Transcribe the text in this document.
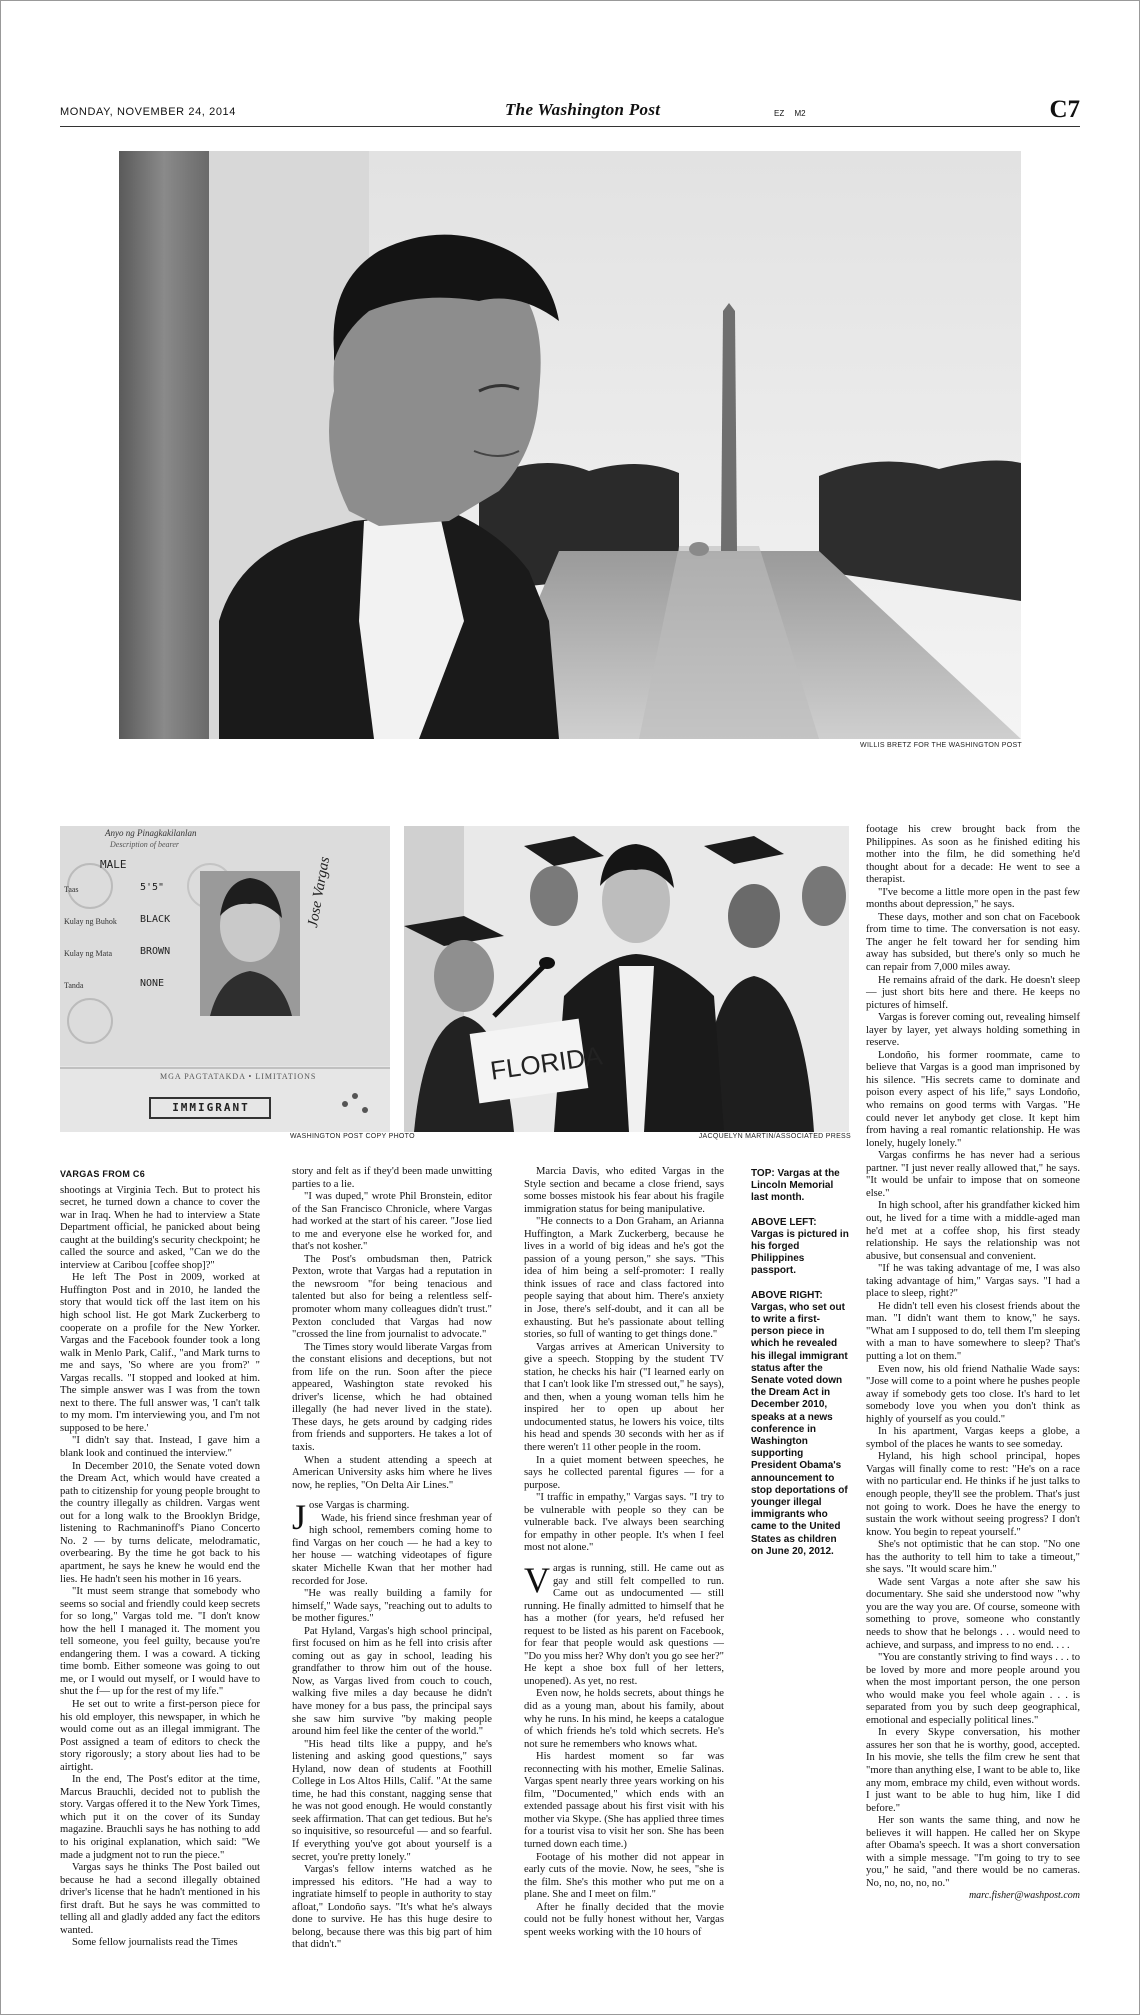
MONDAY, NOVEMBER 24, 2014	The Washington Post	EZ M2	C7
WILLIS BRETZ FOR THE WASHINGTON POST
Anyo ng Pinagkakilanlan
Description of bearer
MALE
Taas
Kulay ng Buhok
Kulay ng Mata
Tanda
5'5"
BLACK
BROWN
NONE
Jose Vargas
MGA PAGTATAKDA • LIMITATIONS
IMMIGRANT
WASHINGTON POST COPY PHOTO
FLORIDA
JACQUELYN MARTIN/ASSOCIATED PRESS
VARGAS FROM C6

shootings at Virginia Tech. But to protect his secret, he turned down a chance to cover the war in Iraq. When he had to interview a State Department official, he panicked about being caught at the building's security checkpoint; he called the source and asked, "Can we do the interview at Caribou [coffee shop]?"

He left The Post in 2009, worked at Huffington Post and in 2010, he landed the story that would tick off the last item on his high school list. He got Mark Zuckerberg to cooperate on a profile for the New Yorker. Vargas and the Facebook founder took a long walk in Menlo Park, Calif., "and Mark turns to me and says, 'So where are you from?' " Vargas recalls. "I stopped and looked at him. The simple answer was I was from the town next to there. The full answer was, 'I can't talk to my mom. I'm interviewing you, and I'm not supposed to be here.'

"I didn't say that. Instead, I gave him a blank look and continued the interview."

In December 2010, the Senate voted down the Dream Act, which would have created a path to citizenship for young people brought to the country illegally as children. Vargas went out for a long walk to the Brooklyn Bridge, listening to Rachmaninoff's Piano Concerto No. 2 — by turns delicate, melodramatic, overbearing. By the time he got back to his apartment, he says he knew he would end the lies. He hadn't seen his mother in 16 years.

"It must seem strange that somebody who seems so social and friendly could keep secrets for so long," Vargas told me. "I don't know how the hell I managed it. The moment you tell someone, you feel guilty, because you're endangering them. I was a coward. A ticking time bomb. Either someone was going to out me, or I would out myself, or I would have to shut the f— up for the rest of my life."

He set out to write a first-person piece for his old employer, this newspaper, in which he would come out as an illegal immigrant. The Post assigned a team of editors to check the story rigorously; a story about lies had to be airtight.

In the end, The Post's editor at the time, Marcus Brauchli, decided not to publish the story. Vargas offered it to the New York Times, which put it on the cover of its Sunday magazine. Brauchli says he has nothing to add to his original explanation, which said: "We made a judgment not to run the piece."

Vargas says he thinks The Post bailed out because he had a second illegally obtained driver's license that he hadn't mentioned in his first draft. But he says he was committed to telling all and gladly added any fact the editors wanted.

Some fellow journalists read the Times

story and felt as if they'd been made unwitting parties to a lie.

"I was duped," wrote Phil Bronstein, editor of the San Francisco Chronicle, where Vargas had worked at the start of his career. "Jose lied to me and everyone else he worked for, and that's not kosher."

The Post's ombudsman then, Patrick Pexton, wrote that Vargas had a reputation in the newsroom "for being tenacious and talented but also for being a relentless self-promoter whom many colleagues didn't trust." Pexton concluded that Vargas had now "crossed the line from journalist to advocate."

The Times story would liberate Vargas from the constant elisions and deceptions, but not from life on the run. Soon after the piece appeared, Washington state revoked his driver's license, which he had obtained illegally (he had never lived in the state). These days, he gets around by cadging rides from friends and supporters. He takes a lot of taxis.

When a student attending a speech at American University asks him where he lives now, he replies, "On Delta Air Lines."

Jose Vargas is charming.

Wade, his friend since freshman year of high school, remembers coming home to find Vargas on her couch — he had a key to her house — watching videotapes of figure skater Michelle Kwan that her mother had recorded for Jose.

"He was really building a family for himself," Wade says, "reaching out to adults to be mother figures."

Pat Hyland, Vargas's high school principal, first focused on him as he fell into crisis after coming out as gay in school, leading his grandfather to throw him out of the house. Now, as Vargas lived from couch to couch, walking five miles a day because he didn't have money for a bus pass, the principal says she saw him survive "by making people around him feel like the center of the world."

"His head tilts like a puppy, and he's listening and asking good questions," says Hyland, now dean of students at Foothill College in Los Altos Hills, Calif. "At the same time, he had this constant, nagging sense that he was not good enough. He would constantly seek affirmation. That can get tedious. But he's so inquisitive, so resourceful — and so fearful. If everything you've got about yourself is a secret, you're pretty lonely."

Vargas's fellow interns watched as he impressed his editors. "He had a way to ingratiate himself to people in authority to stay afloat," Londoño says. "It's what he's always done to survive. He has this huge desire to belong, because there was this big part of him that didn't."

Marcia Davis, who edited Vargas in the Style section and became a close friend, says some bosses mistook his fear about his fragile immigration status for being manipulative.

"He connects to a Don Graham, an Arianna Huffington, a Mark Zuckerberg, because he lives in a world of big ideas and he's got the passion of a young person," she says. "This idea of him being a self-promoter: I really think issues of race and class factored into people saying that about him. There's anxiety in Jose, there's self-doubt, and it can all be exhausting. But he's passionate about telling stories, so full of wanting to get things done."

Vargas arrives at American University to give a speech. Stopping by the student TV station, he checks his hair ("I learned early on that I can't look like I'm stressed out," he says), and then, when a young woman tells him he inspired her to open up about her undocumented status, he lowers his voice, tilts his head and spends 30 seconds with her as if there weren't 11 other people in the room.

In a quiet moment between speeches, he says he collected parental figures — for a purpose.

"I traffic in empathy," Vargas says. "I try to be vulnerable with people so they can be vulnerable back. I've always been searching for empathy in other people. It's when I feel most not alone."

Vargas is running, still. He came out as gay and still felt compelled to run. Came out as undocumented — still running. He finally admitted to himself that he has a mother (for years, he'd refused her request to be listed as his parent on Facebook, for fear that people would ask questions — "Do you miss her? Why don't you go see her?" He kept a shoe box full of her letters, unopened). As yet, no rest.

Even now, he holds secrets, about things he did as a young man, about his family, about why he runs. In his mind, he keeps a catalogue of which friends he's told which secrets. He's not sure he remembers who knows what.

His hardest moment so far was reconnecting with his mother, Emelie Salinas. Vargas spent nearly three years working on his film, "Documented," which ends with an extended passage about his first visit with his mother via Skype. (She has applied three times for a tourist visa to visit her son. She has been turned down each time.)

Footage of his mother did not appear in early cuts of the movie. Now, he sees, "she is the film. She's this mother who put me on a plane. She and I meet on film."

After he finally decided that the movie could not be fully honest without her, Vargas spent weeks working with the 10 hours of

TOP: Vargas at the Lincoln Memorial last month.

ABOVE LEFT: Vargas is pictured in his forged Philippines passport.

ABOVE RIGHT: Vargas, who set out to write a first-person piece in which he revealed his illegal immigrant status after the Senate voted down the Dream Act in December 2010, speaks at a news conference in Washington supporting President Obama's announcement to stop deportations of younger illegal immigrants who came to the United States as children on June 20, 2012.

footage his crew brought back from the Philippines. As soon as he finished editing his mother into the film, he did something he'd thought about for a decade: He went to see a therapist.

"I've become a little more open in the past few months about depression," he says.

These days, mother and son chat on Facebook from time to time. The conversation is not easy. The anger he felt toward her for sending him away has subsided, but there's only so much he can repair from 7,000 miles away.

He remains afraid of the dark. He doesn't sleep — just short bits here and there. He keeps no pictures of himself.

Vargas is forever coming out, revealing himself layer by layer, yet always holding something in reserve.

Londoño, his former roommate, came to believe that Vargas is a good man imprisoned by his silence. "His secrets came to dominate and poison every aspect of his life," says Londoño, who remains on good terms with Vargas. "He could never let anybody get close. It kept him from having a real romantic relationship. He was lonely, hugely lonely."

Vargas confirms he has never had a serious partner. "I just never really allowed that," he says. "It would be unfair to impose that on someone else."

In high school, after his grandfather kicked him out, he lived for a time with a middle-aged man he'd met at a coffee shop, his first steady relationship. He says the relationship was not abusive, but consensual and convenient.

"If he was taking advantage of me, I was also taking advantage of him," Vargas says. "I had a place to sleep, right?"

He didn't tell even his closest friends about the man. "I didn't want them to know," he says. "What am I supposed to do, tell them I'm sleeping with a man to have somewhere to sleep? That's putting a lot on them."

Even now, his old friend Nathalie Wade says: "Jose will come to a point where he pushes people away if somebody gets too close. It's hard to let somebody love you when you don't think as highly of yourself as you could."

In his apartment, Vargas keeps a globe, a symbol of the places he wants to see someday.

Hyland, his high school principal, hopes Vargas will finally come to rest: "He's on a race with no particular end. He thinks if he just talks to enough people, they'll see the problem. That's just not going to work. Does he have the energy to sustain the work without seeing progress? I don't know. You begin to repeat yourself."

She's not optimistic that he can stop. "No one has the authority to tell him to take a timeout," she says. "It would scare him."

Wade sent Vargas a note after she saw his documentary. She said she understood now "why you are the way you are. Of course, someone with something to prove, someone who constantly needs to show that he belongs . . . would need to achieve, and surpass, and impress to no end. . . .

"You are constantly striving to find ways . . . to be loved by more and more people around you when the most important person, the one person who would make you feel whole again . . . is separated from you by such deep geographical, emotional and especially political lines."

In every Skype conversation, his mother assures her son that he is worthy, good, accepted. In his movie, she tells the film crew he sent that "more than anything else, I want to be able to, like any mom, embrace my child, even without words. I just want to be able to hug him, like I did before."

Her son wants the same thing, and now he believes it will happen. He called her on Skype after Obama's speech. It was a short conversation with a simple message. "I'm going to try to see you," he said, "and there would be no cameras. No, no, no, no, no."

marc.fisher@washpost.com
